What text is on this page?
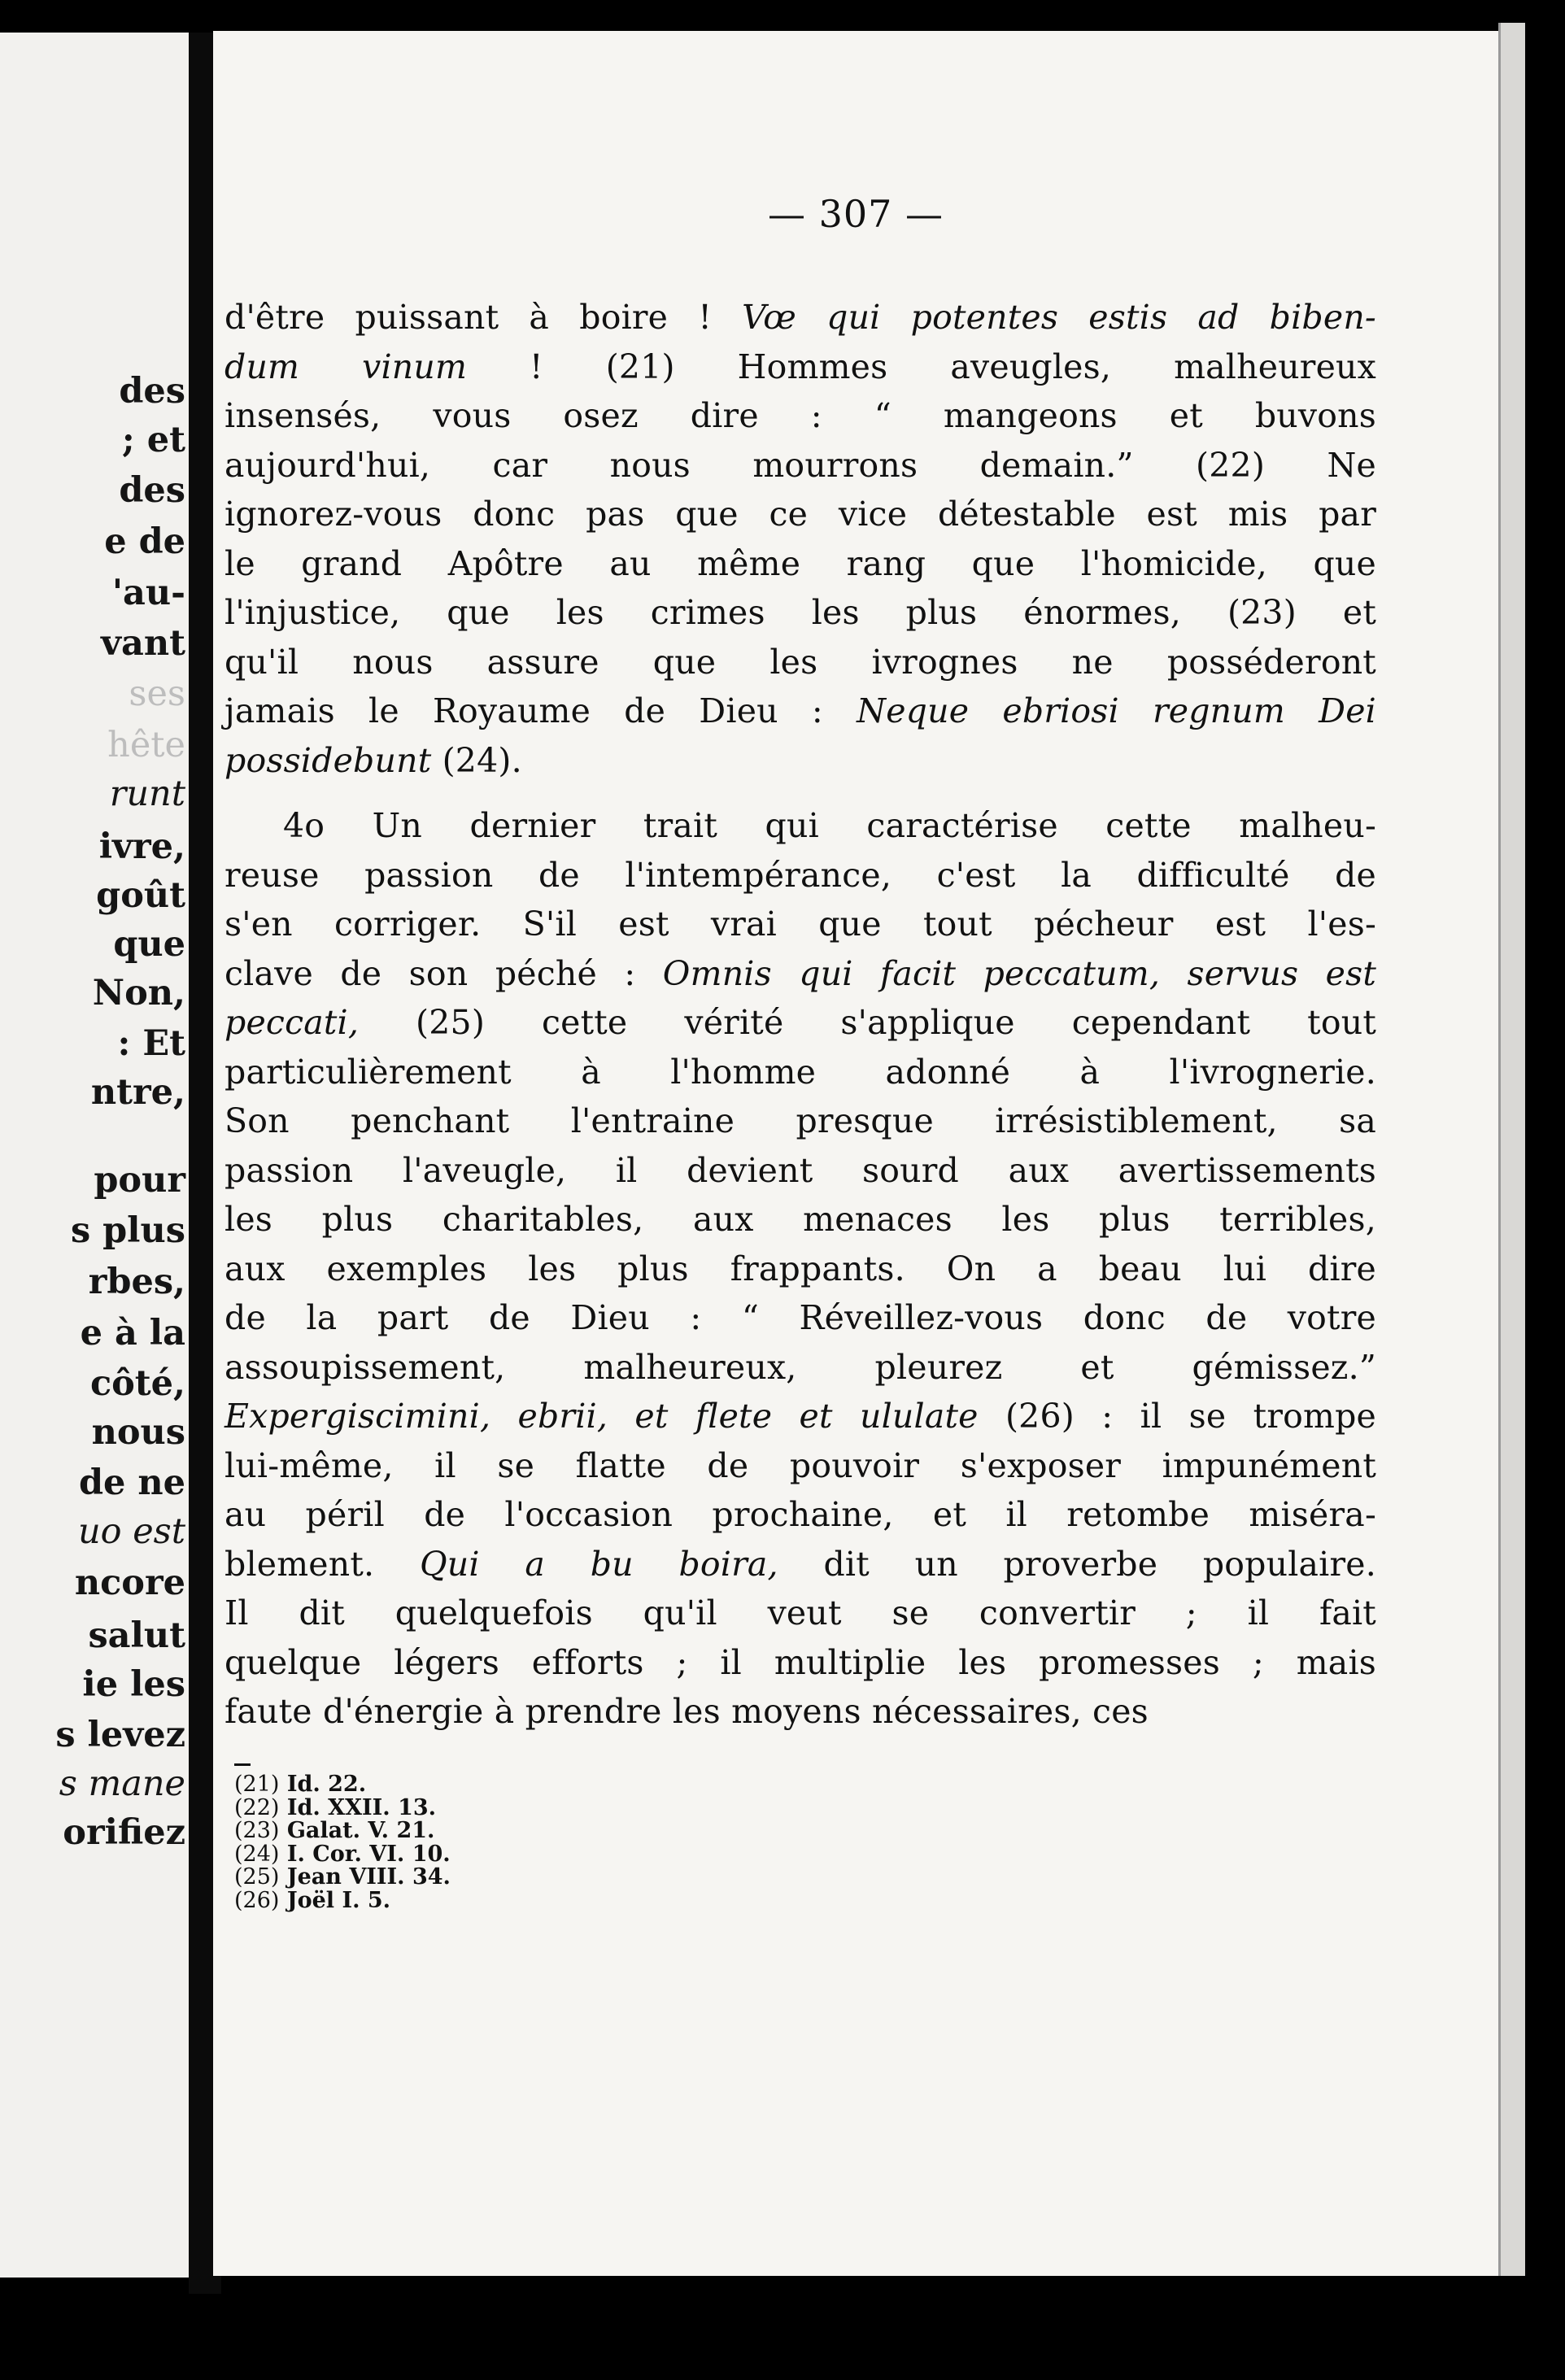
des

; et

des

e de

'au-

vant

ses

hête

runt

ivre,

goût

que

Non,

: Et

ntre,

pour

s plus

rbes,

e à la

côté,

nous

de ne

uo est

ncore

salut

ie les

s levez

s mane

orifiez

— 307 —

d'être puissant à boire ! Vœ qui potentes estis ad biben-

dum vinum ! (21) Hommes aveugles, malheureux

insensés, vous osez dire : “ mangeons et buvons

aujourd'hui, car nous mourrons demain.” (22) Ne

ignorez-vous donc pas que ce vice détestable est mis par

le grand Apôtre au même rang que l'homicide, que

l'injustice, que les crimes les plus énormes, (23) et

qu'il nous assure que les ivrognes ne posséderont

jamais le Royaume de Dieu : Neque ebriosi regnum Dei

possidebunt (24).

4o Un dernier trait qui caractérise cette malheu-

reuse passion de l'intempérance, c'est la difficulté de

s'en corriger. S'il est vrai que tout pécheur est l'es-

clave de son péché : Omnis qui facit peccatum, servus est

peccati, (25) cette vérité s'applique cependant tout

particulièrement à l'homme adonné à l'ivrognerie.

Son penchant l'entraine presque irrésistiblement, sa

passion l'aveugle, il devient sourd aux avertissements

les plus charitables, aux menaces les plus terribles,

aux exemples les plus frappants. On a beau lui dire

de la part de Dieu : “ Réveillez-vous donc de votre

assoupissement, malheureux, pleurez et gémissez.”

Expergiscimini, ebrii, et flete et ululate (26) : il se trompe

lui-même, il se flatte de pouvoir s'exposer impunément

au péril de l'occasion prochaine, et il retombe miséra-

blement. Qui a bu boira, dit un proverbe populaire.

Il dit quelquefois qu'il veut se convertir ; il fait

quelque légers efforts ; il multiplie les promesses ; mais

faute d'énergie à prendre les moyens nécessaires, ces

(21) Id. 22.

(22) Id. XXII. 13.

(23) Galat. V. 21.

(24) I. Cor. VI. 10.

(25) Jean VIII. 34.

(26) Joël I. 5.
